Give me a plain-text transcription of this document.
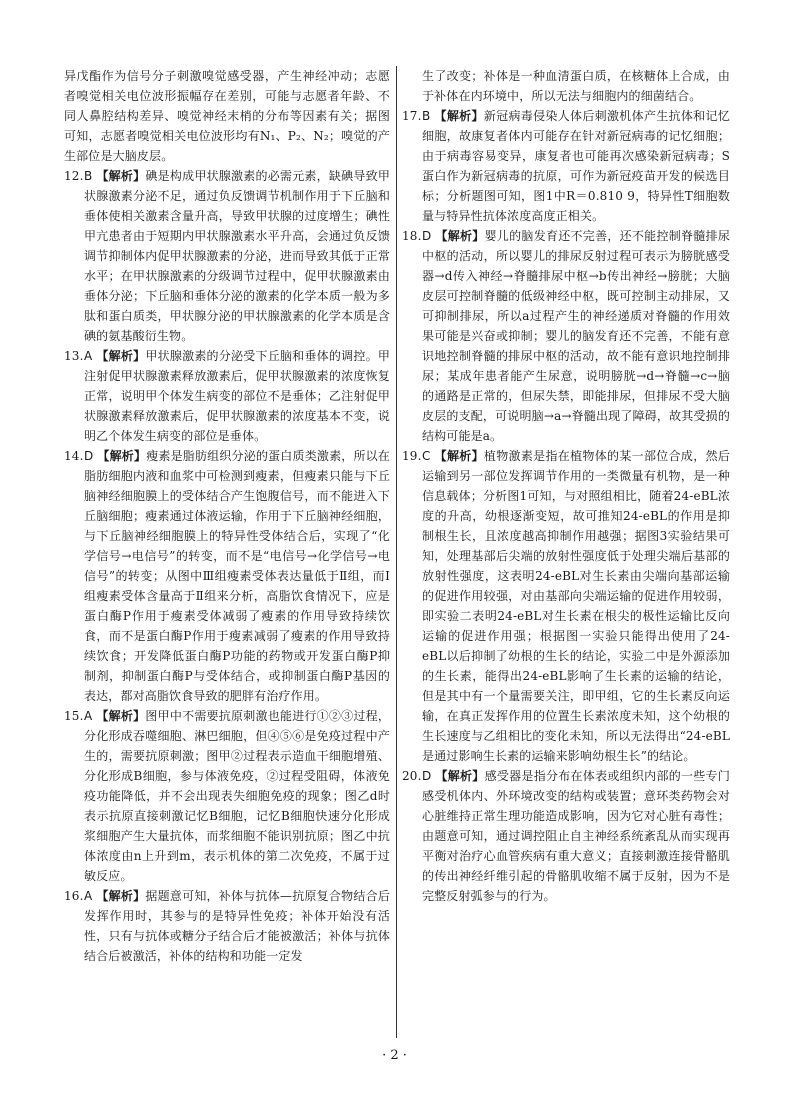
异戊酯作为信号分子刺激嗅觉感受器，产生神经冲动；志愿者嗅觉相关电位波形振幅存在差别，可能与志愿者年龄、不同人鼻腔结构差异、嗅觉神经末梢的分布等因素有关；据图可知，志愿者嗅觉相关电位波形均有N₁、P₂、N₂；嗅觉的产生部位是大脑皮层。

12. B 【解析】碘是构成甲状腺激素的必需元素，缺碘导致甲状腺激素分泌不足，通过负反馈调节机制作用于下丘脑和垂体使相关激素含量升高，导致甲状腺的过度增生；碘性甲亢患者由于短期内甲状腺激素水平升高，会通过负反馈调节抑制体内促甲状腺激素的分泌，进而导致其低于正常水平；在甲状腺激素的分级调节过程中，促甲状腺激素由垂体分泌；下丘脑和垂体分泌的激素的化学本质一般为多肽和蛋白质类，甲状腺分泌的甲状腺激素的化学本质是含碘的氨基酸衍生物。

13. A 【解析】甲状腺激素的分泌受下丘脑和垂体的调控。甲注射促甲状腺激素释放激素后，促甲状腺激素的浓度恢复正常，说明甲个体发生病变的部位不是垂体；乙注射促甲状腺激素释放激素后，促甲状腺激素的浓度基本不变，说明乙个体发生病变的部位是垂体。

14. D 【解析】瘦素是脂肪组织分泌的蛋白质类激素，所以在脂肪细胞内液和血浆中可检测到瘦素，但瘦素只能与下丘脑神经细胞膜上的受体结合产生饱腹信号，而不能进入下丘脑细胞；瘦素通过体液运输，作用于下丘脑神经细胞，与下丘脑神经细胞膜上的特异性受体结合后，实现了“化学信号→电信号”的转变，而不是“电信号→化学信号→电信号”的转变；从图中Ⅲ组瘦素受体表达量低于Ⅱ组，而Ⅰ组瘦素受体含量高于Ⅱ组来分析，高脂饮食情况下，应是蛋白酶P作用于瘦素受体减弱了瘦素的作用导致持续饮食，而不是蛋白酶P作用于瘦素减弱了瘦素的作用导致持续饮食；开发降低蛋白酶P功能的药物或开发蛋白酶P抑制剂，抑制蛋白酶P与受体结合，或抑制蛋白酶P基因的表达，都对高脂饮食导致的肥胖有治疗作用。

15. A 【解析】图甲中不需要抗原刺激也能进行①②③过程，分化形成吞噬细胞、淋巴细胞，但④⑤⑥是免疫过程中产生的，需要抗原刺激；图甲②过程表示造血干细胞增殖、分化形成B细胞，参与体液免疫，②过程受阻碍，体液免疫功能降低，并不会出现表失细胞免疫的现象；图乙d时表示抗原直接刺激记忆B细胞，记忆B细胞快速分化形成浆细胞产生大量抗体，而浆细胞不能识别抗原；图乙中抗体浓度由n上升到m，表示机体的第二次免疫，不属于过敏反应。

16. A 【解析】据题意可知，补体与抗体—抗原复合物结合后发挥作用时，其参与的是特异性免疫；补体开始没有活性，只有与抗体或糖分子结合后才能被激活；补体与抗体结合后被激活，补体的结构和功能一定发

生了改变；补体是一种血清蛋白质，在核糖体上合成，由于补体在内环境中，所以无法与细胞内的细菌结合。

17. B 【解析】新冠病毒侵染人体后刺激机体产生抗体和记忆细胞，故康复者体内可能存在针对新冠病毒的记忆细胞；由于病毒容易变异，康复者也可能再次感染新冠病毒；S蛋白作为新冠病毒的抗原，可作为新冠疫苗开发的候选目标；分析题图可知，图1中R＝0.810 9，特异性T细胞数量与特异性抗体浓度高度正相关。

18. D 【解析】婴儿的脑发育还不完善，还不能控制脊髓排尿中枢的活动，所以婴儿的排尿反射过程可表示为膀胱感受器→d传入神经→脊髓排尿中枢→b传出神经→膀胱；大脑皮层可控制脊髓的低级神经中枢，既可控制主动排尿，又可抑制排尿，所以a过程产生的神经递质对脊髓的作用效果可能是兴奋或抑制；婴儿的脑发育还不完善，不能有意识地控制脊髓的排尿中枢的活动，故不能有意识地控制排尿；某成年患者能产生尿意，说明膀胱→d→脊髓→c→脑的通路是正常的，但尿失禁，即能排尿，但排尿不受大脑皮层的支配，可说明脑→a→脊髓出现了障碍，故其受损的结构可能是a。

19. C 【解析】植物激素是指在植物体的某一部位合成，然后运输到另一部位发挥调节作用的一类微量有机物，是一种信息载体；分析图1可知，与对照组相比，随着24-eBL浓度的升高，幼根逐渐变短，故可推知24-eBL的作用是抑制根生长，且浓度越高抑制作用越强；据图3实验结果可知，处理基部后尖端的放射性强度低于处理尖端后基部的放射性强度，这表明24-eBL对生长素由尖端向基部运输的促进作用较强，对由基部向尖端运输的促进作用较弱，即实验二表明24-eBL对生长素在根尖的极性运输比反向运输的促进作用强；根据图一实验只能得出使用了24-eBL以后抑制了幼根的生长的结论，实验二中是外源添加的生长素，能得出24-eBL影响了生长素的运输的结论，但是其中有一个量需要关注，即甲组，它的生长素反向运输，在真正发挥作用的位置生长素浓度未知，这个幼根的生长速度与乙组相比的变化未知，所以无法得出“24-eBL是通过影响生长素的运输来影响幼根生长”的结论。

20. D 【解析】感受器是指分布在体表或组织内部的一些专门感受机体内、外环境改变的结构或装置；意环类药物会对心脏维持正常生理功能造成影响，因为它对心脏有毒性；由题意可知，通过调控阻止自主神经系统紊乱从而实现再平衡对治疗心血管疾病有重大意义；直接刺激连接骨骼肌的传出神经纤维引起的骨骼肌收缩不属于反射，因为不是完整反射弧参与的行为。

· 2 ·
